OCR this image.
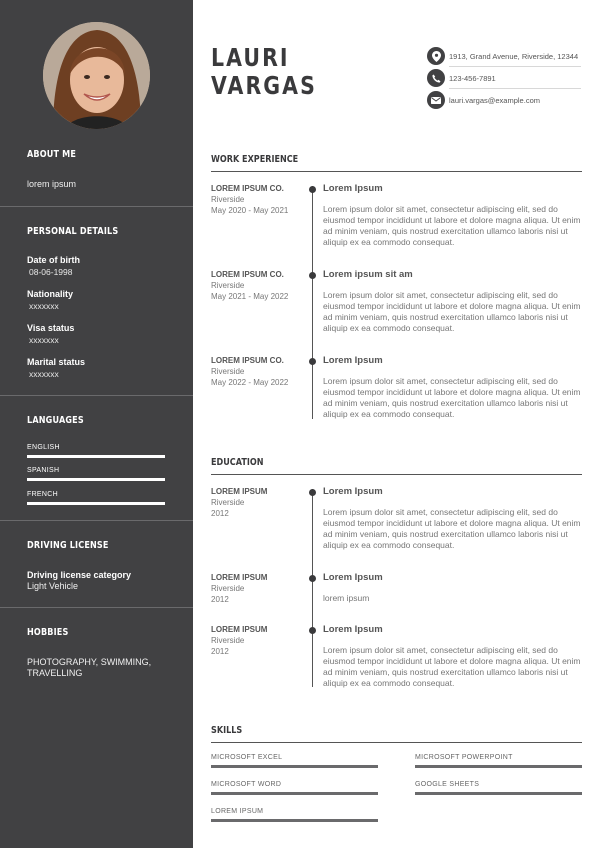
ABOUT ME
lorem ipsum
PERSONAL DETAILS
Date of birth
08-06-1998
Nationality
xxxxxxx
Visa status
xxxxxxx
Marital status
xxxxxxx
LANGUAGES
ENGLISH
SPANISH
FRENCH
DRIVING LICENSE
Driving license category
Light Vehicle
HOBBIES
PHOTOGRAPHY, SWIMMING,
TRAVELLING
LAURI
VARGAS
1913, Grand Avenue, Riverside, 12344
123-456-7891
lauri.vargas@example.com
WORK EXPERIENCE
LOREM IPSUM CO.
Riverside
May 2020 - May 2021
Lorem Ipsum
Lorem ipsum dolor sit amet, consectetur adipiscing elit, sed do eiusmod tempor incididunt ut labore et dolore magna aliqua. Ut enim ad minim veniam, quis nostrud exercitation ullamco laboris nisi ut aliquip ex ea commodo consequat.
LOREM IPSUM CO.
Riverside
May 2021 - May 2022
Lorem ipsum sit am
Lorem ipsum dolor sit amet, consectetur adipiscing elit, sed do eiusmod tempor incididunt ut labore et dolore magna aliqua. Ut enim ad minim veniam, quis nostrud exercitation ullamco laboris nisi ut aliquip ex ea commodo consequat.
LOREM IPSUM CO.
Riverside
May 2022 - May 2022
Lorem Ipsum
Lorem ipsum dolor sit amet, consectetur adipiscing elit, sed do eiusmod tempor incididunt ut labore et dolore magna aliqua. Ut enim ad minim veniam, quis nostrud exercitation ullamco laboris nisi ut aliquip ex ea commodo consequat.
EDUCATION
LOREM IPSUM
Riverside
2012
Lorem Ipsum
Lorem ipsum dolor sit amet, consectetur adipiscing elit, sed do eiusmod tempor incididunt ut labore et dolore magna aliqua. Ut enim ad minim veniam, quis nostrud exercitation ullamco laboris nisi ut aliquip ex ea commodo consequat.
LOREM IPSUM
Riverside
2012
Lorem Ipsum
lorem ipsum
LOREM IPSUM
Riverside
2012
Lorem Ipsum
Lorem ipsum dolor sit amet, consectetur adipiscing elit, sed do eiusmod tempor incididunt ut labore et dolore magna aliqua. Ut enim ad minim veniam, quis nostrud exercitation ullamco laboris nisi ut aliquip ex ea commodo consequat.
SKILLS
MICROSOFT EXCEL	MICROSOFT POWERPOINT
MICROSOFT WORD	GOOGLE SHEETS
LOREM IPSUM
